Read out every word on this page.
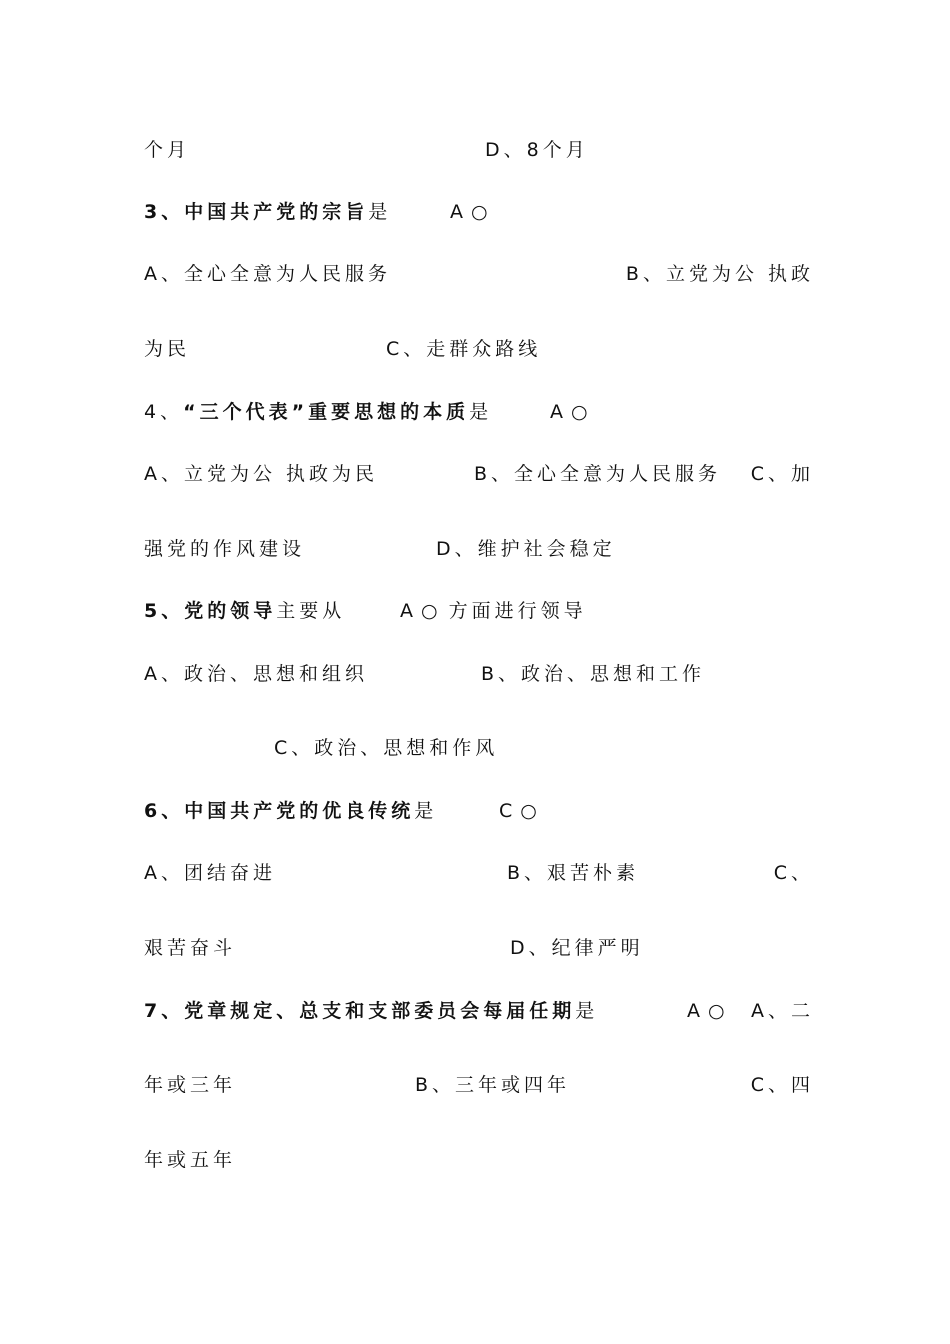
个月	D、8个月
3、中国共产党的宗旨是	A ○
A、全心全意为人民服务	B、立党为公 执政
为民	C、走群众路线
4、“三个代表”重要思想的本质是	A ○
A、立党为公 执政为民	B、全心全意为人民服务 C、加
强党的作风建设	D、维护社会稳定
5、党的领导主要从	A ○ 方面进行领导
A、政治、思想和组织	B、政治、思想和工作
C、政治、思想和作风
6、中国共产党的优良传统是	C ○
A、团结奋进	B、艰苦朴素	C、
艰苦奋斗	D、纪律严明
7、党章规定、总支和支部委员会每届任期是	A ○ A、二
年或三年	B、三年或四年	C、四
年或五年
